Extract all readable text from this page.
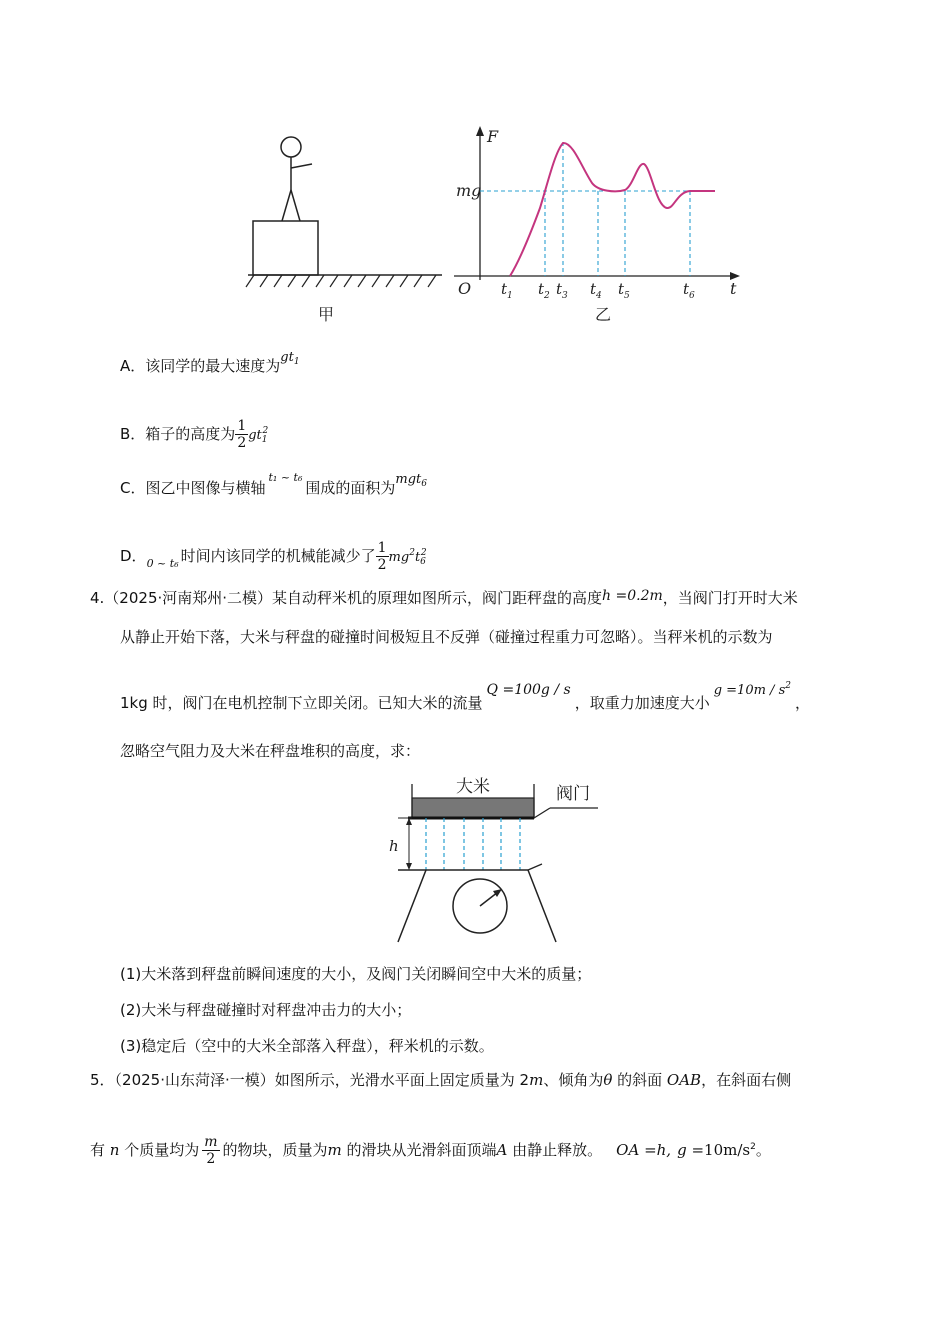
F
mg
O	t
$t_1$ $t_2$ $t_3$ $t_4$ $t_5$	$t_6$
甲	乙
A．该同学的最大速度为$gt_1$
B．箱子的高度为 $\frac{1}{2} gt_1^2$
C．图乙中图像与横轴$^{t_1 \sim t_6}$围成的面积为mgt$_6$
D．$_{0 \sim t_6}$ 时间内该同学的机械能减少了 $\frac{1}{2} mg^2t_6^2$
4.（2025·河南郑州·二模）某自动秤米机的原理如图所示，阀门距秤盘的高度h =0.2m，当阀门打开时大米
从静止开始下落，大米与秤盘的碰撞时间极短且不反弹（碰撞过程重力可忽略）。当秤米机的示数为
1kg 时，阀门在电机控制下立即关闭。已知大米的流量Q =100g / s，取重力加速度大小$g =10m / s^2$，
忽略空气阻力及大米在秤盘堆积的高度，求：
h
大米	阀门
(1)大米落到秤盘前瞬间速度的大小，及阀门关闭瞬间空中大米的质量；
(2)大米与秤盘碰撞时对秤盘冲击力的大小；
(3)稳定后（空中的大米全部落入秤盘），秤米机的示数。
5．（2025·山东菏泽·一模）如图所示，光滑水平面上固定质量为 2m、倾角为θ 的斜面 OAB，在斜面右侧
有 n 个质量均为 $\frac{m}{2}$ 的物块，质量为m 的滑块从光滑斜面顶端A 由静止释放。 OA =h, $g =10m/s^2$。
